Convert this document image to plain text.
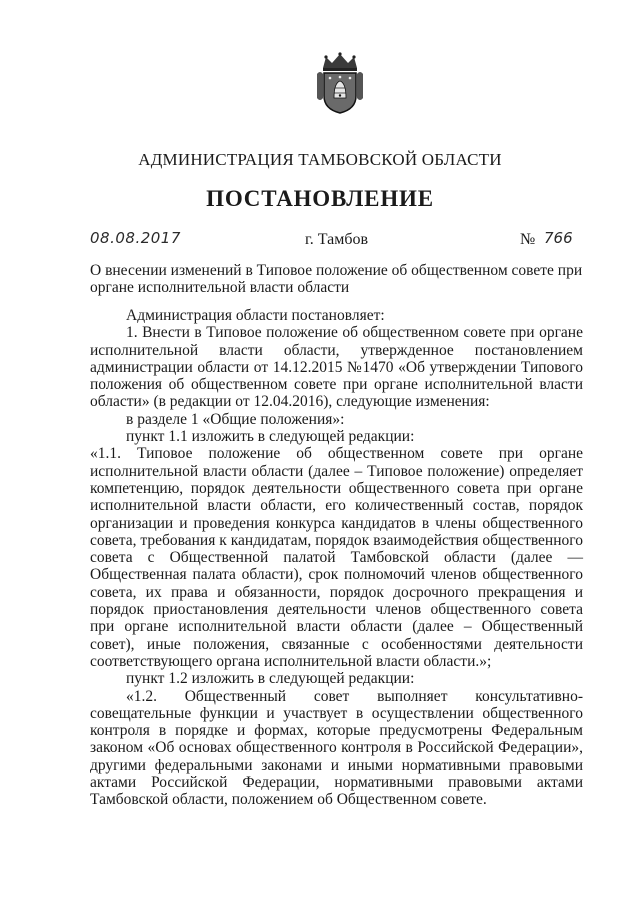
АДМИНИСТРАЦИЯ ТАМБОВСКОЙ ОБЛАСТИ
ПОСТАНОВЛЕНИЕ
08.08.2017	г. Тамбов	№ 766
О внесении изменений в Типовое положение об общественном совете при органе исполнительной власти области

Администрация области постановляет:

1. Внести в Типовое положение об общественном совете при органе исполнительной власти области, утвержденное постановлением администрации области от 14.12.2015 №1470 «Об утверждении Типового положения об общественном совете при органе исполнительной власти области» (в редакции от 12.04.2016), следующие изменения:

в разделе 1 «Общие положения»:

пункт 1.1 изложить в следующей редакции:

«1.1. Типовое положение об общественном совете при органе исполнительной власти области (далее – Типовое положение) определяет компетенцию, порядок деятельности общественного совета при органе исполнительной власти области, его количественный состав, порядок организации и проведения конкурса кандидатов в члены общественного совета, требования к кандидатам, порядок взаимодействия общественного совета с Общественной палатой Тамбовской области (далее — Общественная палата области), срок полномочий членов общественного совета, их права и обязанности, порядок досрочного прекращения и порядок приостановления деятельности членов общественного совета при органе исполнительной власти области (далее – Общественный совет), иные положения, связанные с особенностями деятельности соответствующего органа исполнительной власти области.»;

пункт 1.2 изложить в следующей редакции:

«1.2. Общественный совет выполняет консультативно-совещательные функции и участвует в осуществлении общественного контроля в порядке и формах, которые предусмотрены Федеральным законом «Об основах общественного контроля в Российской Федерации», другими федеральными законами и иными нормативными правовыми актами Российской Федерации, нормативными правовыми актами Тамбовской области, положением об Общественном совете.
